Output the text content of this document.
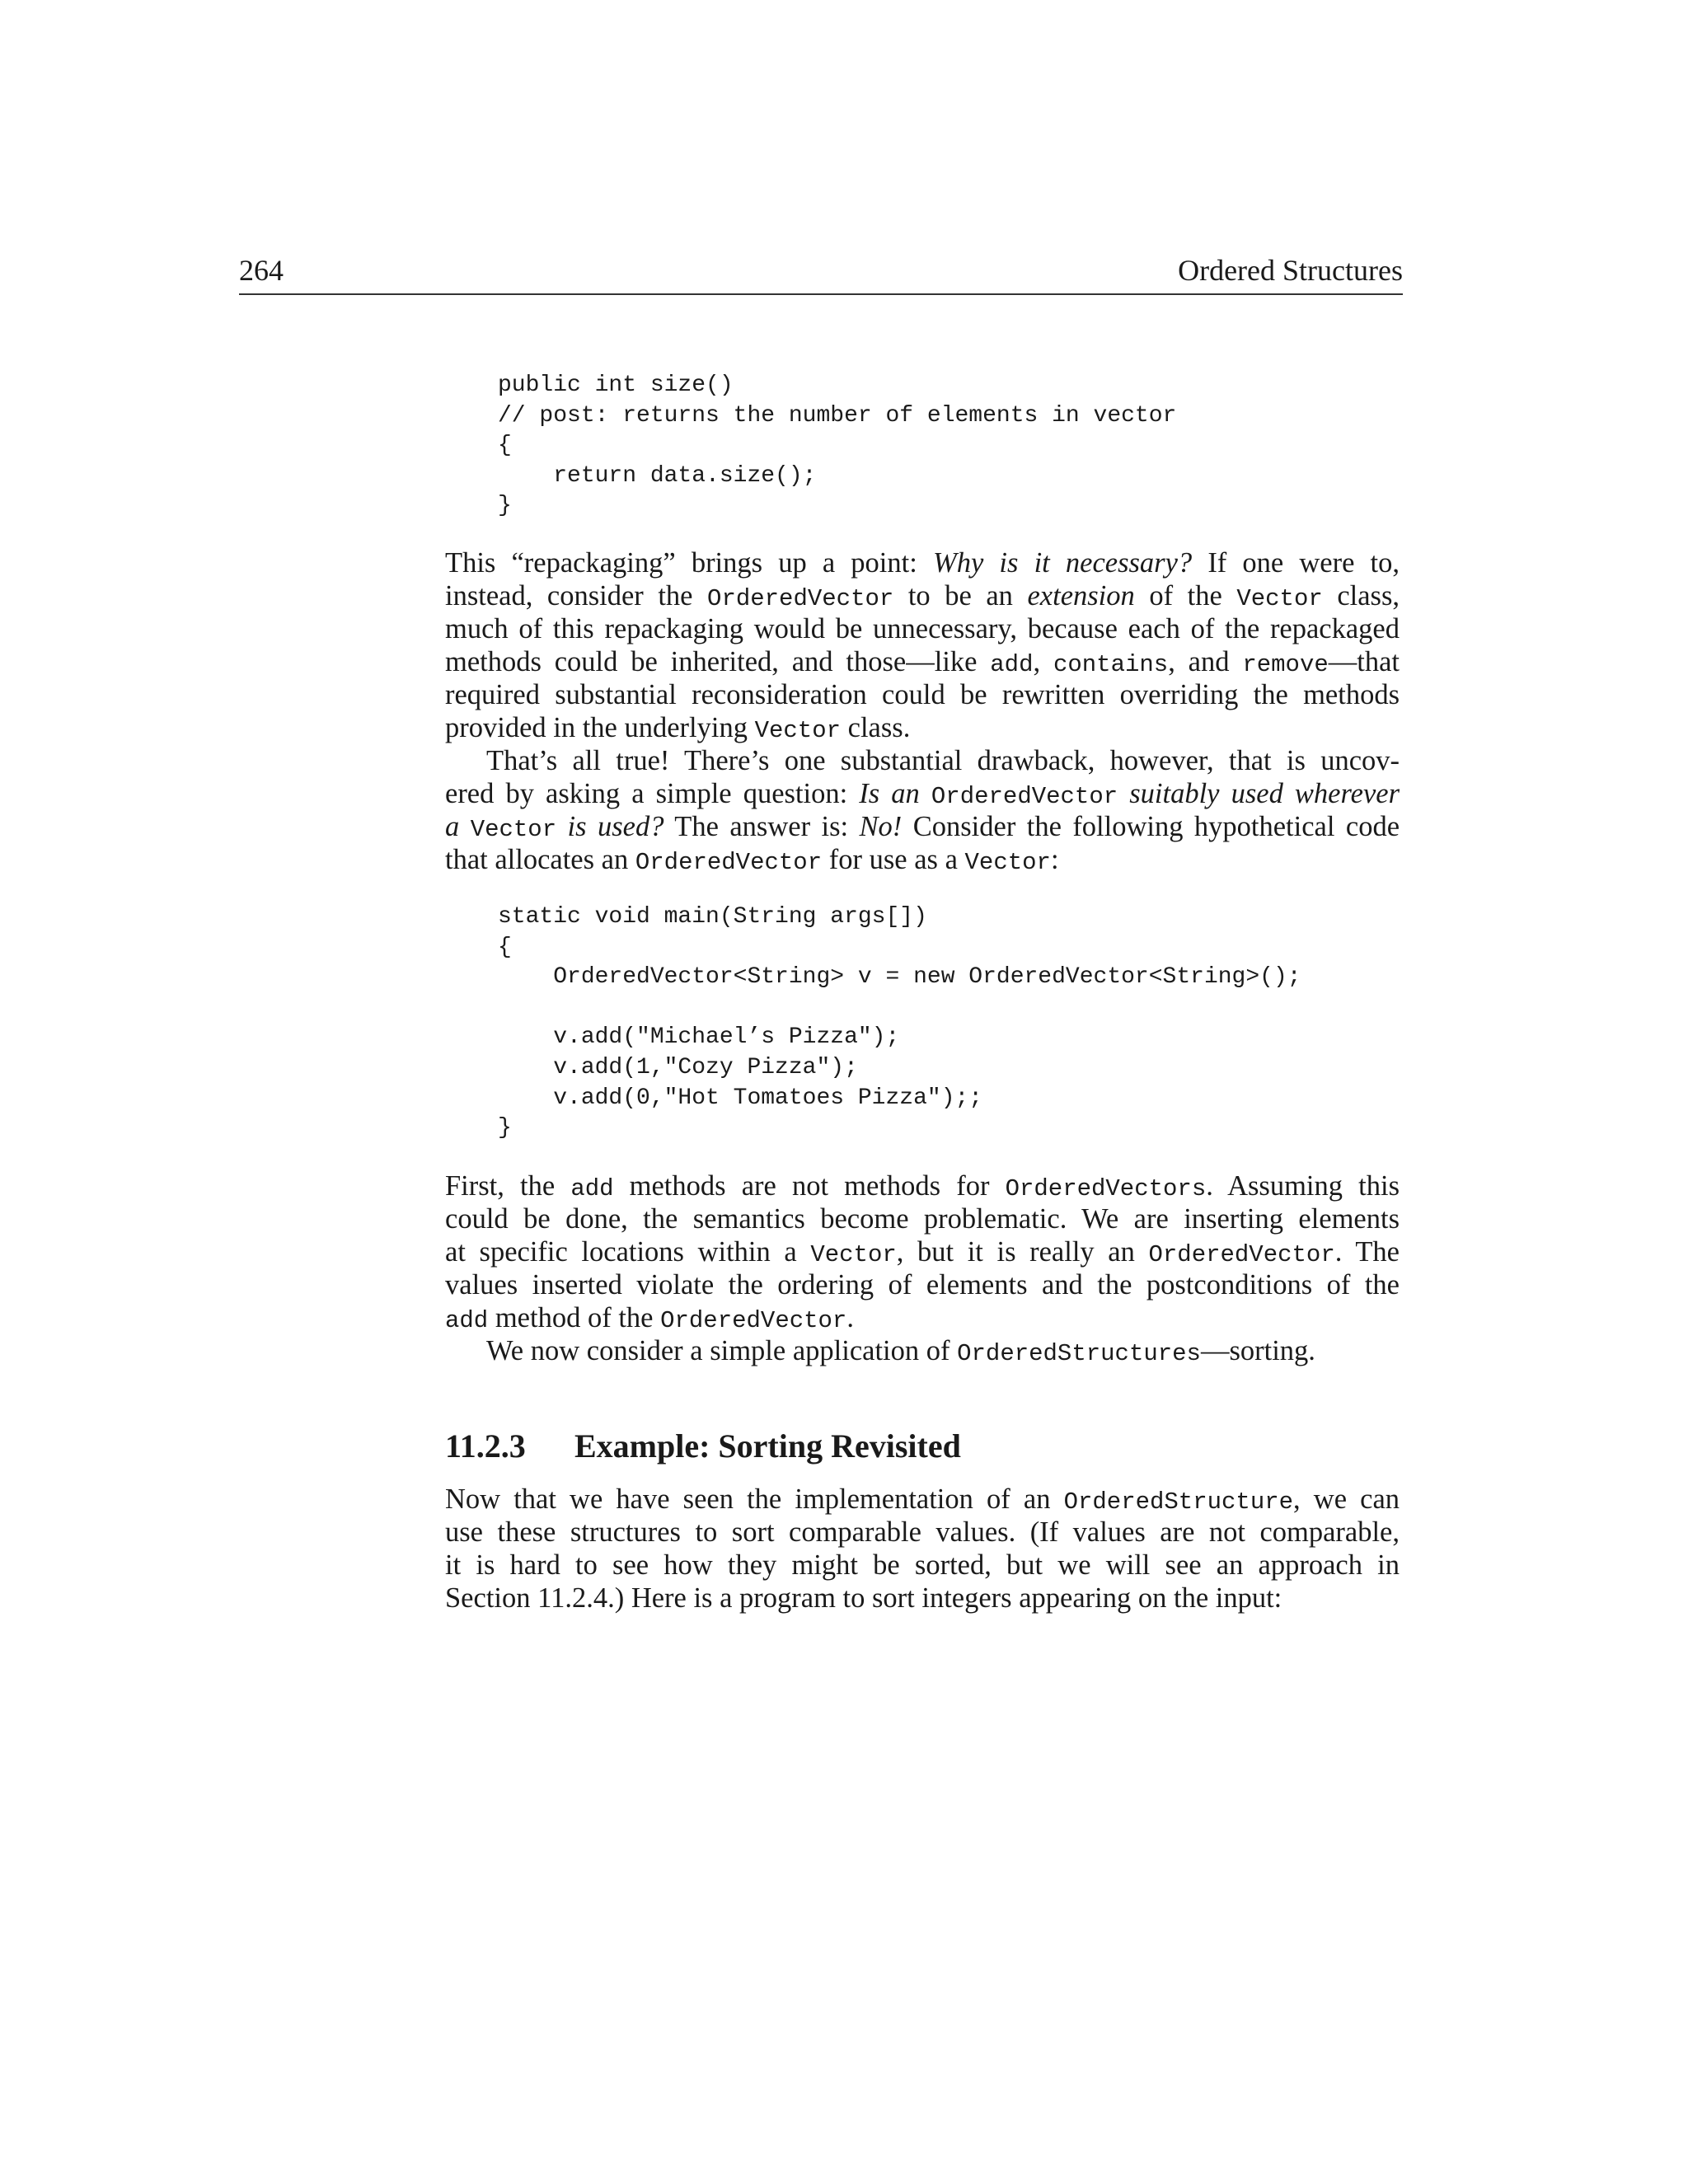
264	Ordered Structures
public int size()
// post: returns the number of elements in vector
{
return data.size();
}
This “repackaging” brings up a point: Why is it necessary? If one were to,
instead, consider the OrderedVector to be an extension of the Vector class,
much of this repackaging would be unnecessary, because each of the repackaged
methods could be inherited, and those—like add, contains, and remove—that
required substantial reconsideration could be rewritten overriding the methods
provided in the underlying Vector class.
That’s all true! There’s one substantial drawback, however, that is uncov-
ered by asking a simple question: Is an OrderedVector suitably used wherever
a Vector is used? The answer is: No! Consider the following hypothetical code
that allocates an OrderedVector for use as a Vector:
static void main(String args[])
{
OrderedVector<String> v = new OrderedVector<String>();
v.add("Michael’s Pizza");
v.add(1,"Cozy Pizza");
v.add(0,"Hot Tomatoes Pizza");;
}
First, the add methods are not methods for OrderedVectors. Assuming this
could be done, the semantics become problematic. We are inserting elements
at specific locations within a Vector, but it is really an OrderedVector. The
values inserted violate the ordering of elements and the postconditions of the
add method of the OrderedVector.
We now consider a simple application of OrderedStructures—sorting.
11.2.3 Example: Sorting Revisited
Now that we have seen the implementation of an OrderedStructure, we can
use these structures to sort comparable values. (If values are not comparable,
it is hard to see how they might be sorted, but we will see an approach in
Section 11.2.4.) Here is a program to sort integers appearing on the input:
